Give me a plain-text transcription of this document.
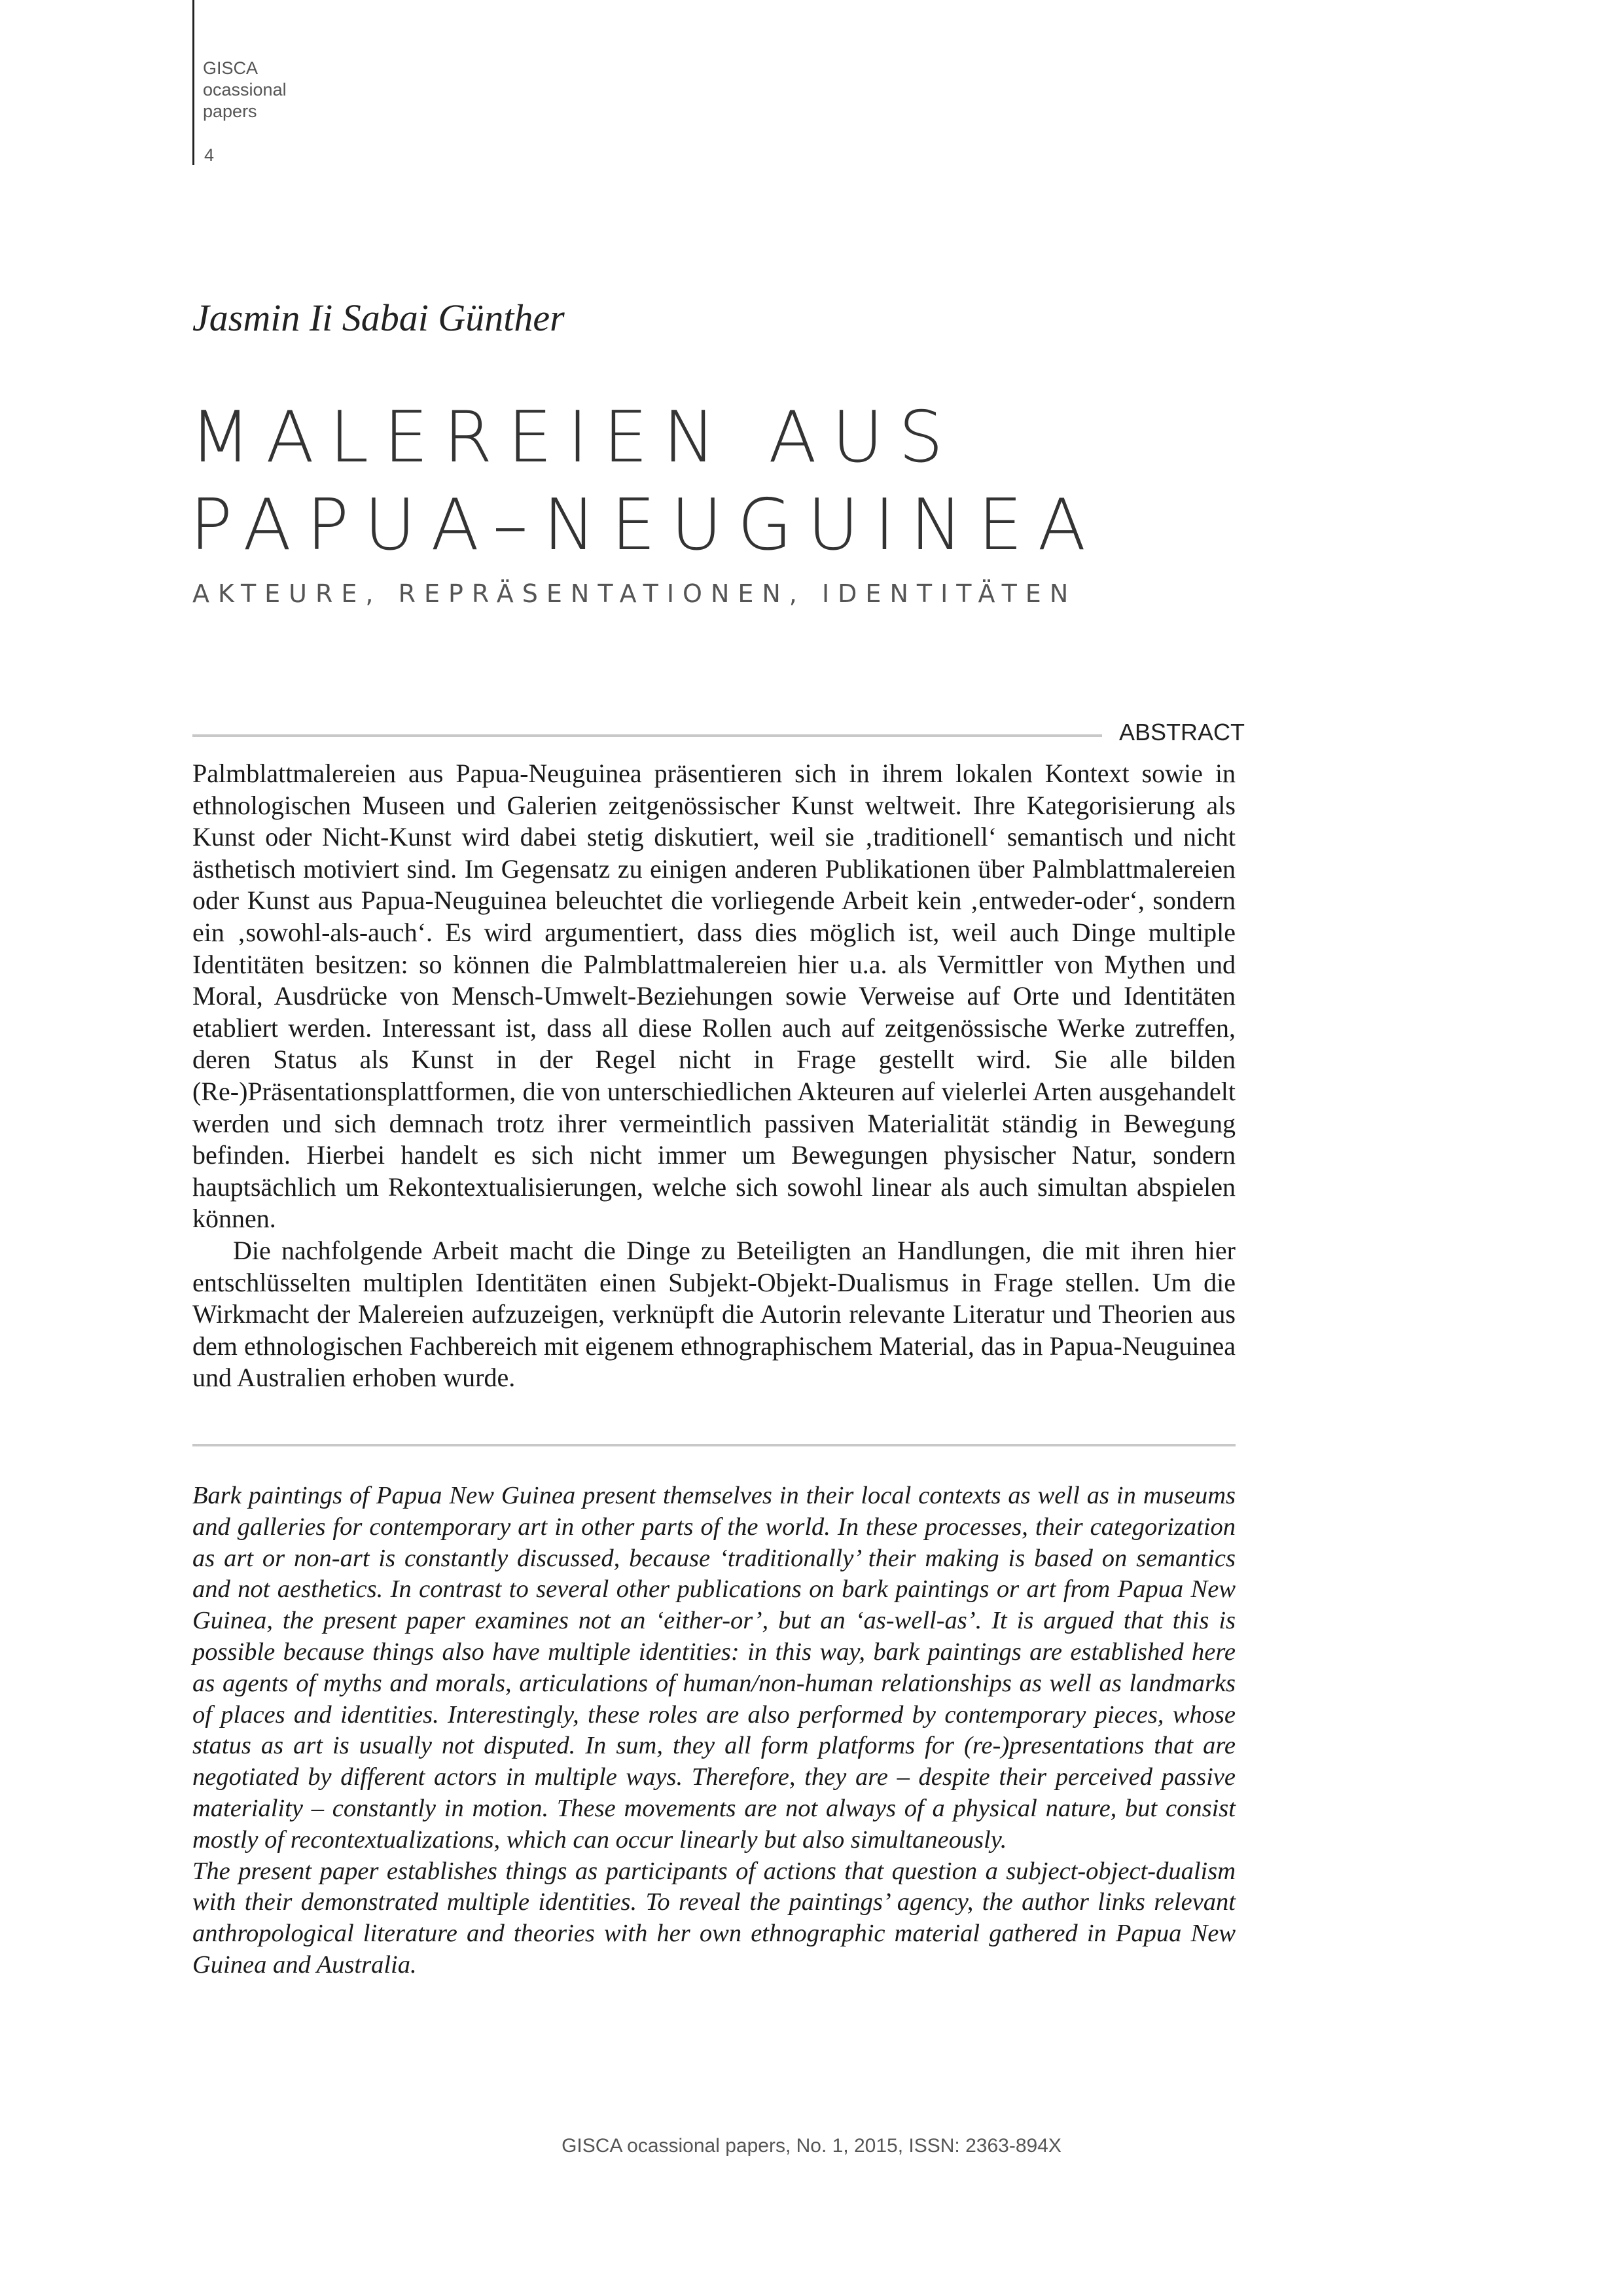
GISCA
ocassional
papers
4
Jasmin Ii Sabai Günther
MALEREIEN AUS
PAPUA–NEUGUINEA
AKTEURE, REPRÄSENTATIONEN, IDENTITÄTEN
ABSTRACT

Palmblattmalereien aus Papua-Neuguinea präsentieren sich in ihrem lokalen Kontext sowie in ethnologischen Museen und Galerien zeitgenössischer Kunst weltweit. Ihre Kategorisierung als Kunst oder Nicht-Kunst wird dabei stetig diskutiert, weil sie ‚traditionell‘ semantisch und nicht ästhetisch motiviert sind. Im Gegensatz zu einigen anderen Publikationen über Palmblattmalereien oder Kunst aus Papua-Neuguinea beleuchtet die vorliegende Arbeit kein ‚entweder-oder‘, sondern ein ‚sowohl-als-auch‘. Es wird argumentiert, dass dies möglich ist, weil auch Dinge multiple Identitäten besitzen: so können die Palmblattmalereien hier u.a. als Vermittler von Mythen und Moral, Ausdrücke von Mensch-Umwelt-Beziehungen sowie Verweise auf Orte und Identitäten etabliert werden. Interessant ist, dass all diese Rollen auch auf zeitgenössische Werke zutreffen, deren Status als Kunst in der Regel nicht in Frage gestellt wird. Sie alle bilden (Re-)Präsentationsplattformen, die von unterschiedlichen Akteuren auf vielerlei Arten ausgehandelt werden und sich demnach trotz ihrer vermeintlich passiven Materialität ständig in Bewegung befinden. Hierbei handelt es sich nicht immer um Bewegungen physischer Natur, sondern hauptsächlich um Rekontextualisierungen, welche sich sowohl linear als auch simultan abspielen können.

Die nachfolgende Arbeit macht die Dinge zu Beteiligten an Handlungen, die mit ihren hier entschlüsselten multiplen Identitäten einen Subjekt-Objekt-Dualismus in Frage stellen. Um die Wirkmacht der Malereien aufzuzeigen, verknüpft die Autorin relevante Literatur und Theorien aus dem ethnologischen Fachbereich mit eigenem ethnographischem Material, das in Papua-Neuguinea und Australien erhoben wurde.

Bark paintings of Papua New Guinea present themselves in their local contexts as well as in museums and galleries for contemporary art in other parts of the world. In these processes, their categorization as art or non-art is constantly discussed, because ‘traditionally’ their making is based on semantics and not aesthetics. In contrast to several other publications on bark paintings or art from Papua New Guinea, the present paper examines not an ‘either-or’, but an ‘as-well-as’. It is argued that this is possible because things also have multiple identities: in this way, bark paintings are established here as agents of myths and morals, articulations of human/non-human relationships as well as landmarks of places and identities. Interestingly, these roles are also performed by contemporary pieces, whose status as art is usually not disputed. In sum, they all form platforms for (re-)presentations that are negotiated by different actors in multiple ways. Therefore, they are – despite their perceived passive materiality – constantly in motion. These movements are not always of a physical nature, but consist mostly of recontextualizations, which can occur linearly but also simultaneously.

The present paper establishes things as participants of actions that question a subject-object-dualism with their demonstrated multiple identities. To reveal the paintings’ agency, the author links relevant anthropological literature and theories with her own ethnographic material gathered in Papua New Guinea and Australia.

GISCA ocassional papers, No. 1, 2015, ISSN: 2363-894X
